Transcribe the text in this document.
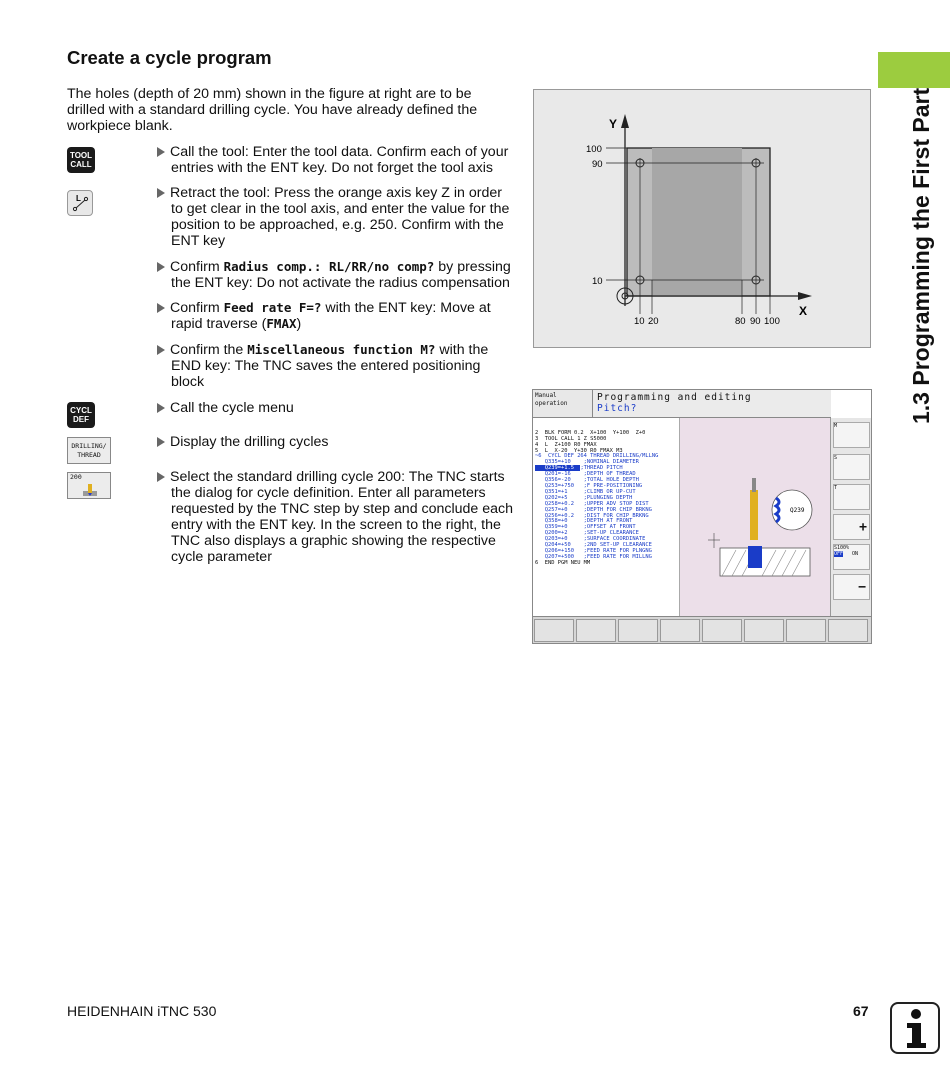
Create a cycle program

The holes (depth of 20 mm) shown in the figure at right are to be drilled with a standard drilling cycle. You have already defined the workpiece blank.

TOOL
CALL
L
CYCL
DEF
DRILLING/
THREAD
200
Call the tool: Enter the tool data. Confirm each of your
entries with the ENT key. Do not forget the tool axis
Retract the tool: Press the orange axis key Z in order
to get clear in the tool axis, and enter the value for the
position to be approached, e.g. 250. Confirm with the
ENT key
Confirm Radius comp.: RL/RR/no comp? by pressing
the ENT key: Do not activate the radius compensation
Confirm Feed rate F=? with the ENT key: Move at
rapid traverse (FMAX)
Confirm the Miscellaneous function M? with the
END key: The TNC saves the entered positioning
block
Call the cycle menu
Display the drilling cycles
Select the standard drilling cycle 200: The TNC starts
the dialog for cycle definition. Enter all parameters
requested by the TNC step by step and conclude each
entry with the ENT key. In the screen to the right, the
TNC also displays a graphic showing the respective
cycle parameter
Y
X
100
90
10
10 20	80 90 100
Manual
operation
Programming and editing
Pitch?

2  BLK FORM 0.2  X+100  Y+100  Z+0
3  TOOL CALL 1 Z S5000
4  L  Z+100 R0 FMAX
5  L  X-20  Y+30 R0 FMAX M3
~6  CYCL DEF 264 THREAD DRILLING/MLLNG
Q335=+10    ;NOMINAL DIAMETER
Q239=+1.5  ;THREAD PITCH
Q201=-16    ;DEPTH OF THREAD
Q356=-20    ;TOTAL HOLE DEPTH
Q253=+750   ;F PRE-POSITIONING
Q351=+1     ;CLIMB OR UP-CUT
Q202=+5     ;PLUNGING DEPTH
Q258=+0.2   ;UPPER ADV STOP DIST
Q257=+0     ;DEPTH FOR CHIP BRKNG
Q256=+0.2   ;DIST FOR CHIP BRKNG
Q358=+0     ;DEPTH AT FRONT
Q359=+0     ;OFFSET AT FRONT
Q200=+2     ;SET-UP CLEARANCE
Q203=+0     ;SURFACE COORDINATE
Q204=+50    ;2ND SET-UP CLEARANCE
Q206=+150   ;FEED RATE FOR PLNGNG
Q207=+500   ;FEED RATE FOR MILLNG
6  END PGM NEU MM

Q239
M
S
T
+
S100%
OFF ON
−
1.3 Programming the First Part
HEIDENHAIN iTNC 530	67
